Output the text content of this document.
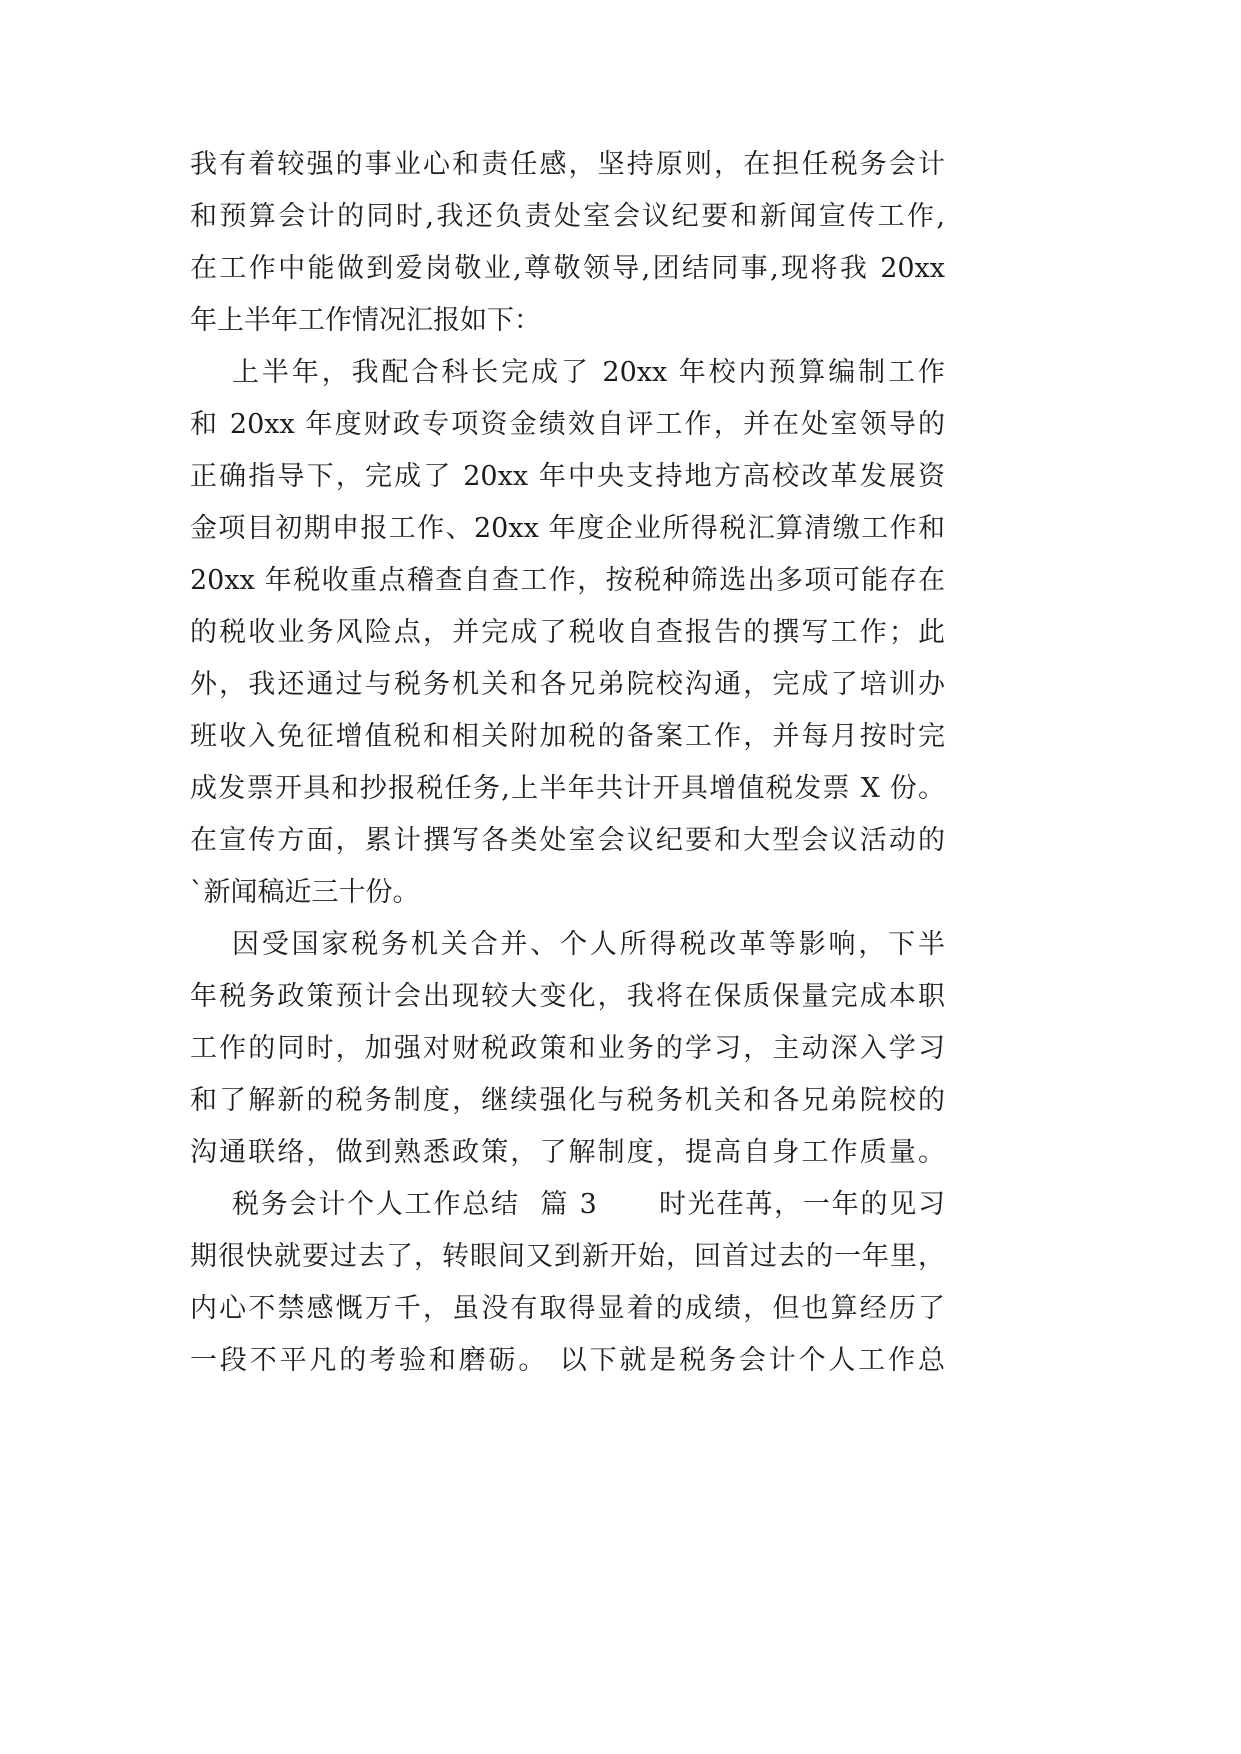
我有着较强的事业心和责任感，坚持原则，在担任税务会计
和预算会计的同时,我还负责处室会议纪要和新闻宣传工作,
在工作中能做到爱岗敬业,尊敬领导,团结同事,现将我 20xx
年上半年工作情况汇报如下：
上半年，我配合科长完成了 20xx 年校内预算编制工作
和 20xx 年度财政专项资金绩效自评工作，并在处室领导的
正确指导下，完成了 20xx 年中央支持地方高校改革发展资
金项目初期申报工作、20xx 年度企业所得税汇算清缴工作和
20xx 年税收重点稽查自查工作，按税种筛选出多项可能存在
的税收业务风险点，并完成了税收自查报告的撰写工作；此
外，我还通过与税务机关和各兄弟院校沟通，完成了培训办
班收入免征增值税和相关附加税的备案工作，并每月按时完
成发票开具和抄报税任务,上半年共计开具增值税发票 X 份。
在宣传方面，累计撰写各类处室会议纪要和大型会议活动的
`新闻稿近三十份。
因受国家税务机关合并、个人所得税改革等影响，下半
年税务政策预计会出现较大变化，我将在保质保量完成本职
工作的同时，加强对财税政策和业务的学习，主动深入学习
和了解新的税务制度，继续强化与税务机关和各兄弟院校的
沟通联络，做到熟悉政策，了解制度，提高自身工作质量。
税务会计个人工作总结  篇 3      时光荏苒，一年的见习
期很快就要过去了，转眼间又到新开始，回首过去的一年里，
内心不禁感慨万千，虽没有取得显着的成绩，但也算经历了
一段不平凡的考验和磨砺。 以下就是税务会计个人工作总
